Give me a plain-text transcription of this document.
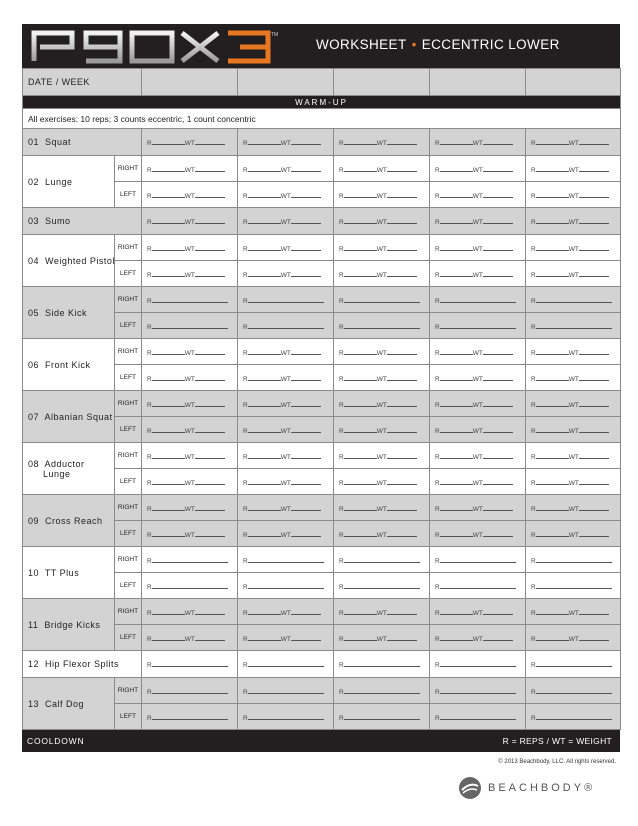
TM
WORKSHEET • ECCENTRIC LOWER
DATE / WEEK						
WARM-UP						
All exercises: 10 reps; 3 counts eccentric, 1 count concentric						
01  Squat		R WT	R WT	R WT	R WT	R WT
02  Lunge	RIGHT	R WT	R WT	R WT	R WT	R WT
	LEFT	R WT	R WT	R WT	R WT	R WT
03  Sumo		R WT	R WT	R WT	R WT	R WT
04  Weighted Pistol	RIGHT	R WT	R WT	R WT	R WT	R WT
	LEFT	R WT	R WT	R WT	R WT	R WT
05  Side Kick	RIGHT	R	R	R	R	R
	LEFT	R	R	R	R	R
06  Front Kick	RIGHT	R WT	R WT	R WT	R WT	R WT
	LEFT	R WT	R WT	R WT	R WT	R WT
07  Albanian Squat	RIGHT	R WT	R WT	R WT	R WT	R WT
	LEFT	R WT	R WT	R WT	R WT	R WT
08  Adductor
Lunge	RIGHT	R WT	R WT	R WT	R WT	R WT
	LEFT	R WT	R WT	R WT	R WT	R WT
09  Cross Reach	RIGHT	R WT	R WT	R WT	R WT	R WT
	LEFT	R WT	R WT	R WT	R WT	R WT
10  TT Plus	RIGHT	R	R	R	R	R
	LEFT	R	R	R	R	R
11  Bridge Kicks	RIGHT	R WT	R WT	R WT	R WT	R WT
	LEFT	R WT	R WT	R WT	R WT	R WT
12  Hip Flexor Splits		R	R	R	R	R
13  Calf Dog	RIGHT	R	R	R	R	R
	LEFT	R	R	R	R	R
COOLDOWN	R = REPS / WT = WEIGHT
© 2013 Beachbody, LLC. All rights reserved.
BEACHBODY®
